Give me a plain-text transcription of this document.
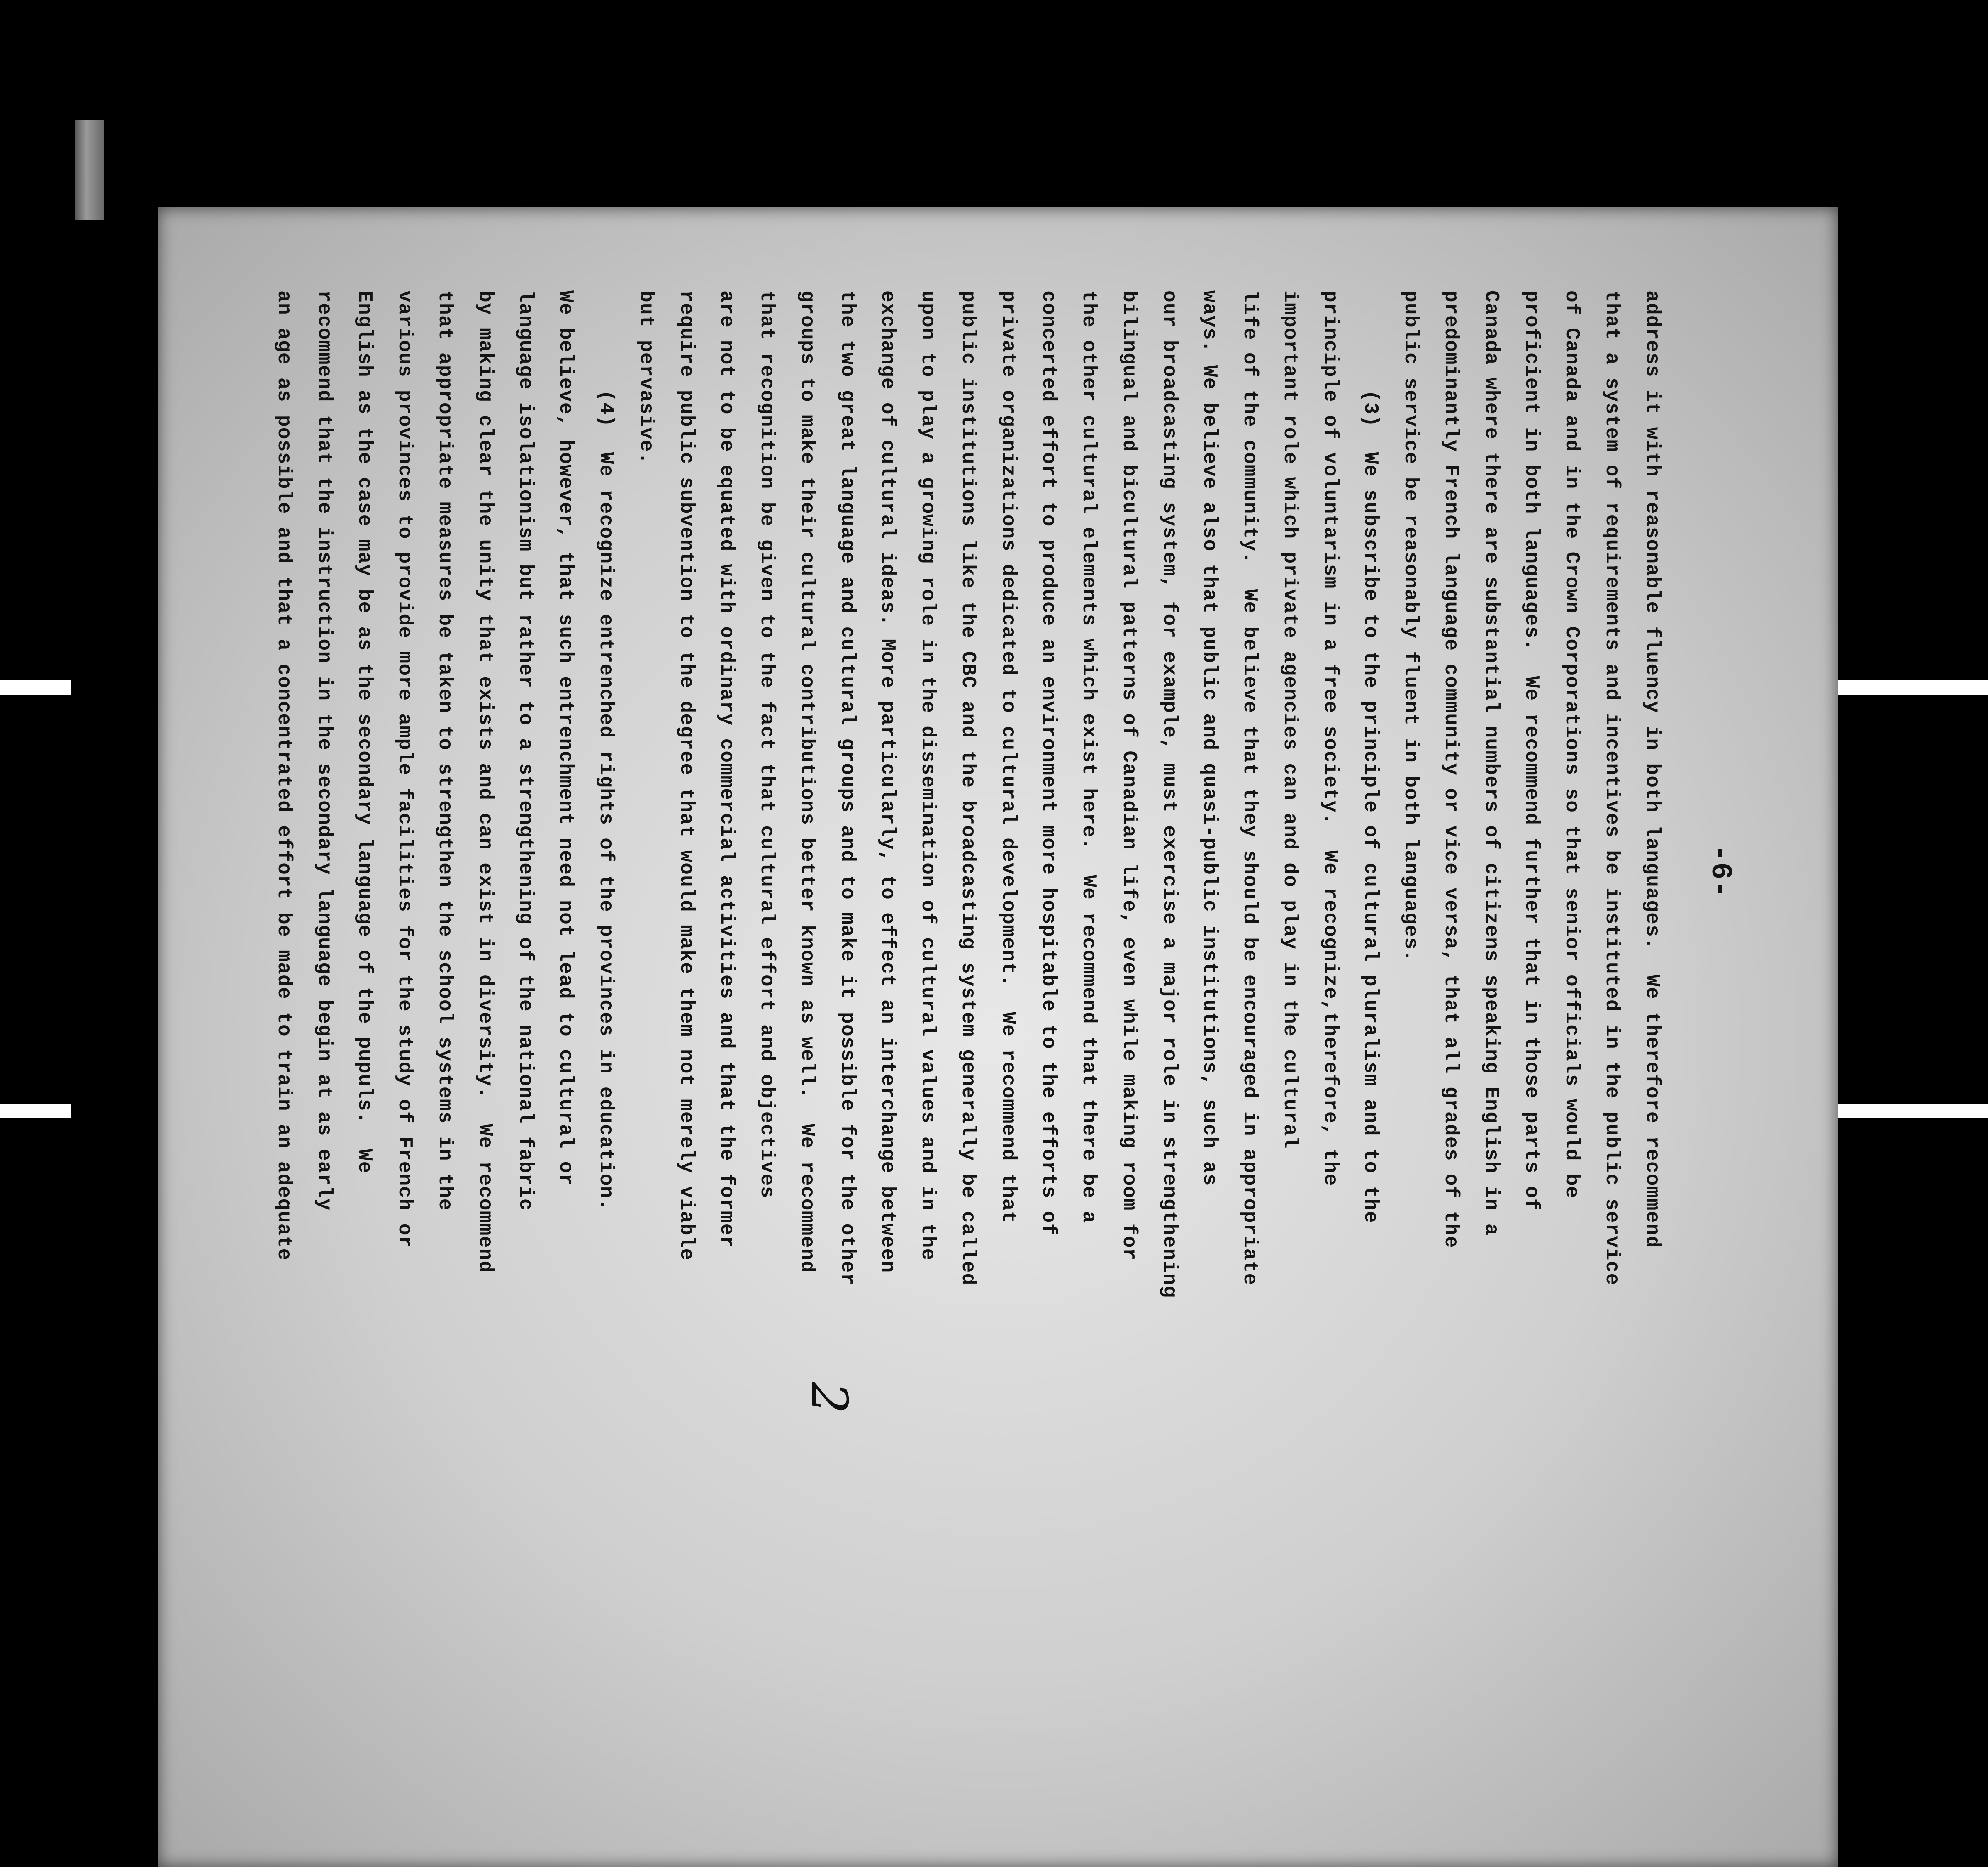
-6-
address it with reasonable fluency in both languages.  We therefore recommend
that a system of requirements and incentives be instituted in the public service
of Canada and in the Crown Corporations so that senior officials would be
proficient in both languages.  We recommend further that in those parts of
Canada where there are substantial numbers of citizens speaking English in a
predominantly French language community or vice versa, that all grades of the
public service be reasonably fluent in both languages.
(3)  We subscribe to the principle of cultural pluralism and to the
principle of voluntarism in a free society.  We recognize,therefore, the
important role which private agencies can and do play in the cultural
life of the community.  We believe that they should be encouraged in appropriate
ways. We believe also that public and quasi-public institutions, such as
our broadcasting system, for example, must exercise a major role in strengthening
bilingual and bicultural patterns of Canadian life, even while making room for
the other cultural elements which exist here.  We recommend that there be a
concerted effort to produce an environment more hospitable to the efforts of
private organizations dedicated to cultural development.  We recommend that
public institutions like the CBC and the broadcasting system generally be called
upon to play a growing role in the dissemination of cultural values and in the
exchange of cultural ideas. More particularly, to effect an interchange between
the two great language and cultural groups and to make it possible for the other
groups to make their cultural contributions better known as well.  We recommend
that recognition be given to the fact that cultural effort and objectives
are not to be equated with ordinary commercial activities and that the former
require public subvention to the degree that would make them not merely viable
but pervasive.
(4)  We recognize entrenched rights of the provinces in education.
We believe, however, that such entrenchment need not lead to cultural or
language isolationism but rather to a strengthening of the national fabric
by making clear the unity that exists and can exist in diversity.  We recommend
that appropriate measures be taken to strengthen the school systems in the
various provinces to provide more ample facilities for the study of French or
English as the case may be as the secondary language of the pupuls.  We
recommend that the instruction in the secondary language begin at as early
an age as possible and that a concentrated effort be made to train an adequate
2
